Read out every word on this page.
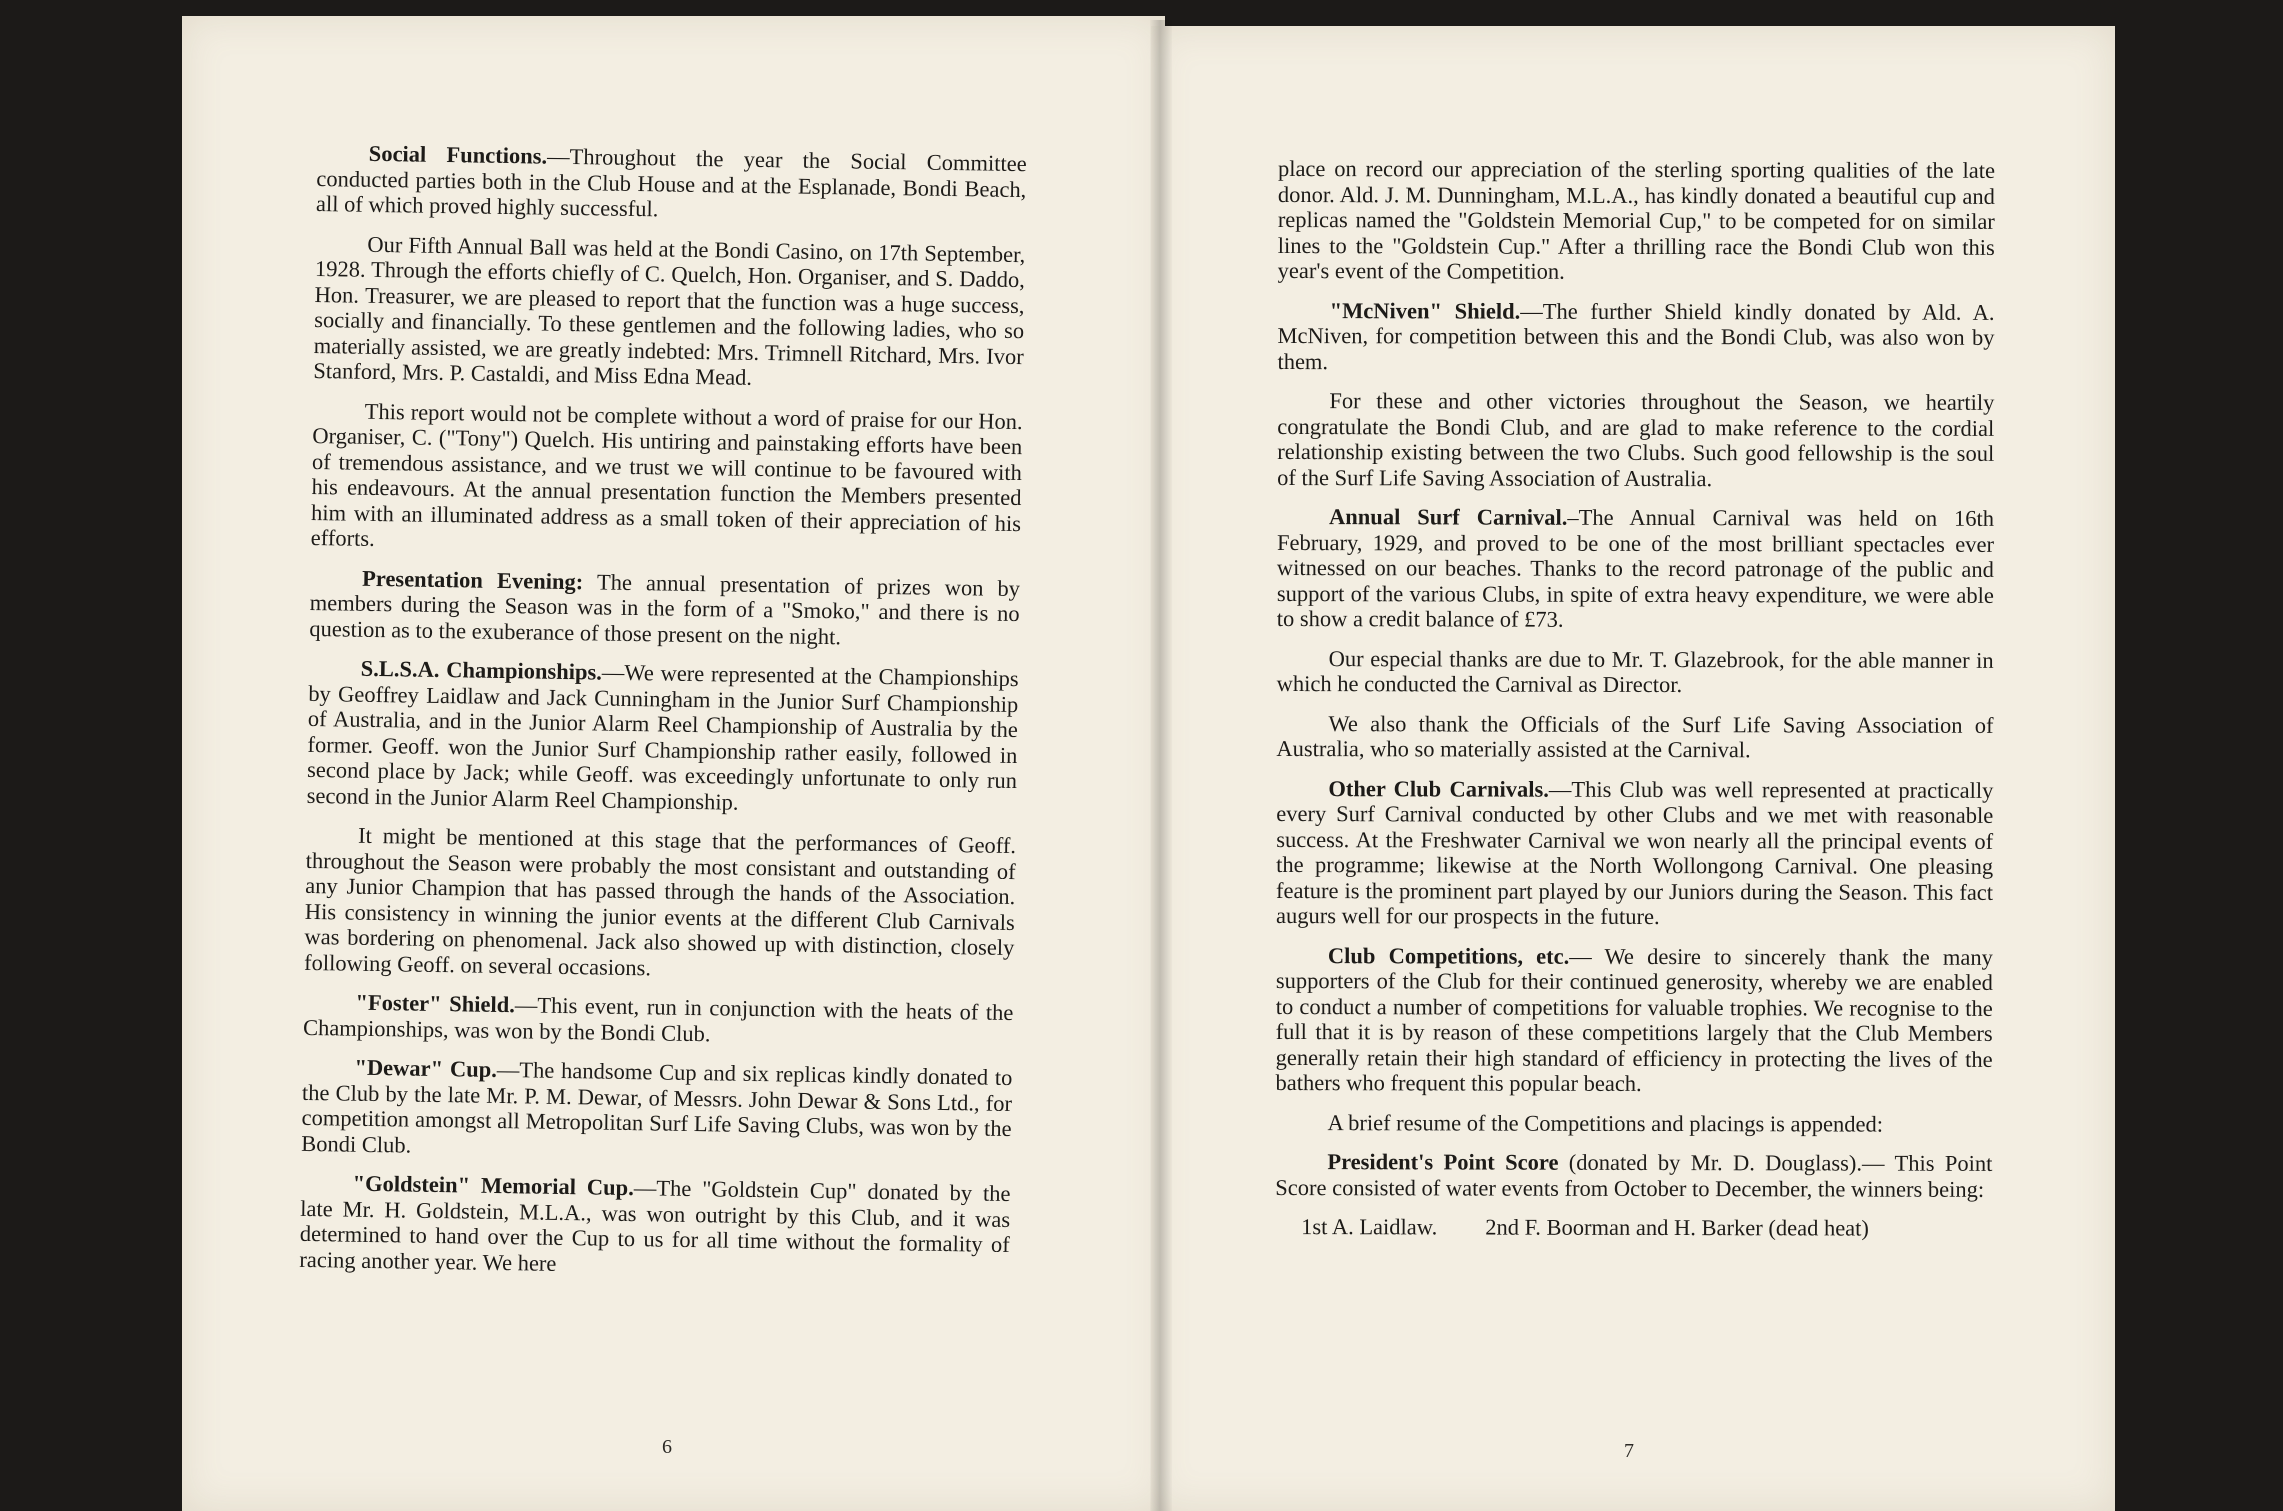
Social Functions.—Throughout the year the Social Committee conducted parties both in the Club House and at the Esplanade, Bondi Beach, all of which proved highly successful.

Our Fifth Annual Ball was held at the Bondi Casino, on 17th September, 1928. Through the efforts chiefly of C. Quelch, Hon. Organiser, and S. Daddo, Hon. Treasurer, we are pleased to report that the function was a huge success, socially and financially. To these gentlemen and the following ladies, who so materially assisted, we are greatly indebted: Mrs. Trimnell Ritchard, Mrs. Ivor Stanford, Mrs. P. Castaldi, and Miss Edna Mead.

This report would not be complete without a word of praise for our Hon. Organiser, C. ("Tony") Quelch. His untiring and painstaking efforts have been of tremendous assistance, and we trust we will continue to be favoured with his endeavours. At the annual presentation function the Members presented him with an illuminated address as a small token of their appreciation of his efforts.

Presentation Evening: The annual presentation of prizes won by members during the Season was in the form of a "Smoko," and there is no question as to the exuberance of those present on the night.

S.L.S.A. Championships.—We were represented at the Championships by Geoffrey Laidlaw and Jack Cunningham in the Junior Surf Championship of Australia, and in the Junior Alarm Reel Championship of Australia by the former. Geoff. won the Junior Surf Championship rather easily, followed in second place by Jack; while Geoff. was exceedingly unfortunate to only run second in the Junior Alarm Reel Championship.

It might be mentioned at this stage that the performances of Geoff. throughout the Season were probably the most consistant and outstanding of any Junior Champion that has passed through the hands of the Association. His consistency in winning the junior events at the different Club Carnivals was bordering on phenomenal. Jack also showed up with distinction, closely following Geoff. on several occasions.

"Foster" Shield.—This event, run in conjunction with the heats of the Championships, was won by the Bondi Club.

"Dewar" Cup.—The handsome Cup and six replicas kindly donated to the Club by the late Mr. P. M. Dewar, of Messrs. John Dewar & Sons Ltd., for competition amongst all Metropolitan Surf Life Saving Clubs, was won by the Bondi Club.

"Goldstein" Memorial Cup.—The "Goldstein Cup" donated by the late Mr. H. Goldstein, M.L.A., was won outright by this Club, and it was determined to hand over the Cup to us for all time without the formality of racing another year. We here

6

place on record our appreciation of the sterling sporting qualities of the late donor. Ald. J. M. Dunningham, M.L.A., has kindly donated a beautiful cup and replicas named the "Goldstein Memorial Cup," to be competed for on similar lines to the "Goldstein Cup." After a thrilling race the Bondi Club won this year's event of the Competition.

"McNiven" Shield.—The further Shield kindly donated by Ald. A. McNiven, for competition between this and the Bondi Club, was also won by them.

For these and other victories throughout the Season, we heartily congratulate the Bondi Club, and are glad to make reference to the cordial relationship existing between the two Clubs. Such good fellowship is the soul of the Surf Life Saving Association of Australia.

Annual Surf Carnival.–The Annual Carnival was held on 16th February, 1929, and proved to be one of the most brilliant spectacles ever witnessed on our beaches. Thanks to the record patronage of the public and support of the various Clubs, in spite of extra heavy expenditure, we were able to show a credit balance of £73.

Our especial thanks are due to Mr. T. Glazebrook, for the able manner in which he conducted the Carnival as Director.

We also thank the Officials of the Surf Life Saving Association of Australia, who so materially assisted at the Carnival.

Other Club Carnivals.—This Club was well represented at practically every Surf Carnival conducted by other Clubs and we met with reasonable success. At the Freshwater Carnival we won nearly all the principal events of the programme; likewise at the North Wollongong Carnival. One pleasing feature is the prominent part played by our Juniors during the Season. This fact augurs well for our prospects in the future.

Club Competitions, etc.— We desire to sincerely thank the many supporters of the Club for their continued generosity, whereby we are enabled to conduct a number of competitions for valuable trophies. We recognise to the full that it is by reason of these competitions largely that the Club Members generally retain their high standard of efficiency in protecting the lives of the bathers who frequent this popular beach.

A brief resume of the Competitions and placings is appended:

President's Point Score (donated by Mr. D. Douglass).— This Point Score consisted of water events from October to December, the winners being:

1st A. Laidlaw. 2nd F. Boorman and H. Barker (dead heat)
7
